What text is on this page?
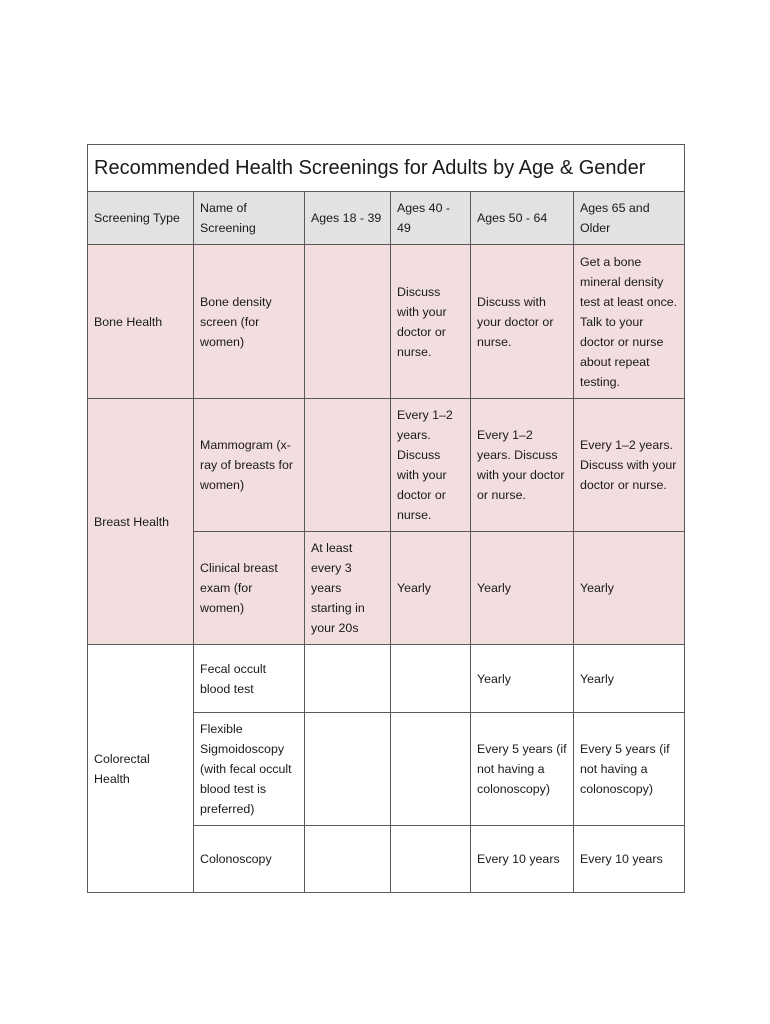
Recommended Health Screenings for Adults by Age & Gender					
Screening Type	Name of Screening	Ages 18 - 39	Ages 40 - 49	Ages 50 - 64	Ages 65 and Older
Bone Health	Bone density screen (for women)		Discuss with your doctor or nurse.	Discuss with your doctor or nurse.	Get a bone mineral density test at least once. Talk to your doctor or nurse about repeat testing.
Breast Health	Mammogram (x-ray of breasts for women)		Every 1–2 years. Discuss with your doctor or nurse.	Every 1–2 years. Discuss with your doctor or nurse.	Every 1–2 years. Discuss with your doctor or nurse.
	Clinical breast exam (for women)	At least every 3 years starting in your 20s	Yearly	Yearly	Yearly
Colorectal Health	Fecal occult blood test			Yearly	Yearly
	Flexible Sigmoidoscopy (with fecal occult blood test is preferred)			Every 5 years (if not having a colonoscopy)	Every 5 years (if not having a colonoscopy)
	Colonoscopy			Every 10 years	Every 10 years
